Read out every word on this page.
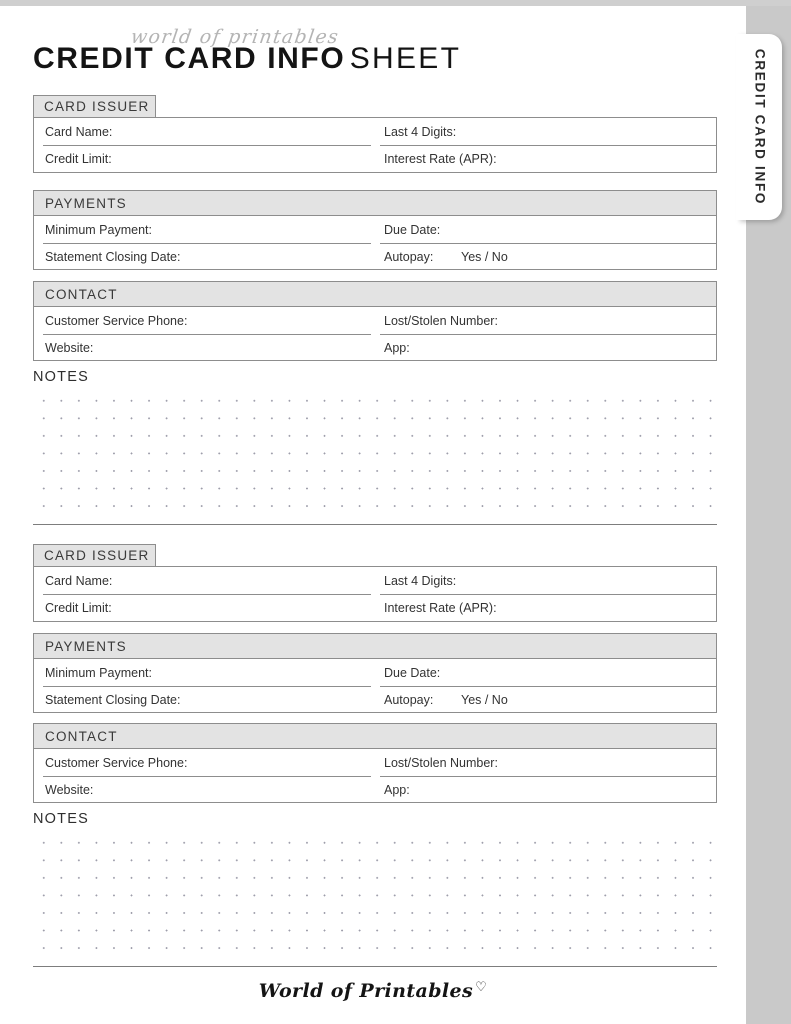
CREDIT CARD INFO
world of printables
CREDIT CARD INFO SHEET
CARD ISSUER
Card Name:	Last 4 Digits:
Credit Limit:	Interest Rate (APR):
PAYMENTS
Minimum Payment:	Due Date:
Statement Closing Date:	Autopay: Yes / No
CONTACT
Customer Service Phone:	Lost/Stolen Number:
Website:	App:
NOTES
CARD ISSUER
Card Name:	Last 4 Digits:
Credit Limit:	Interest Rate (APR):
PAYMENTS
Minimum Payment:	Due Date:
Statement Closing Date:	Autopay: Yes / No
CONTACT
Customer Service Phone:	Lost/Stolen Number:
Website:	App:
NOTES
World of Printables ♡
